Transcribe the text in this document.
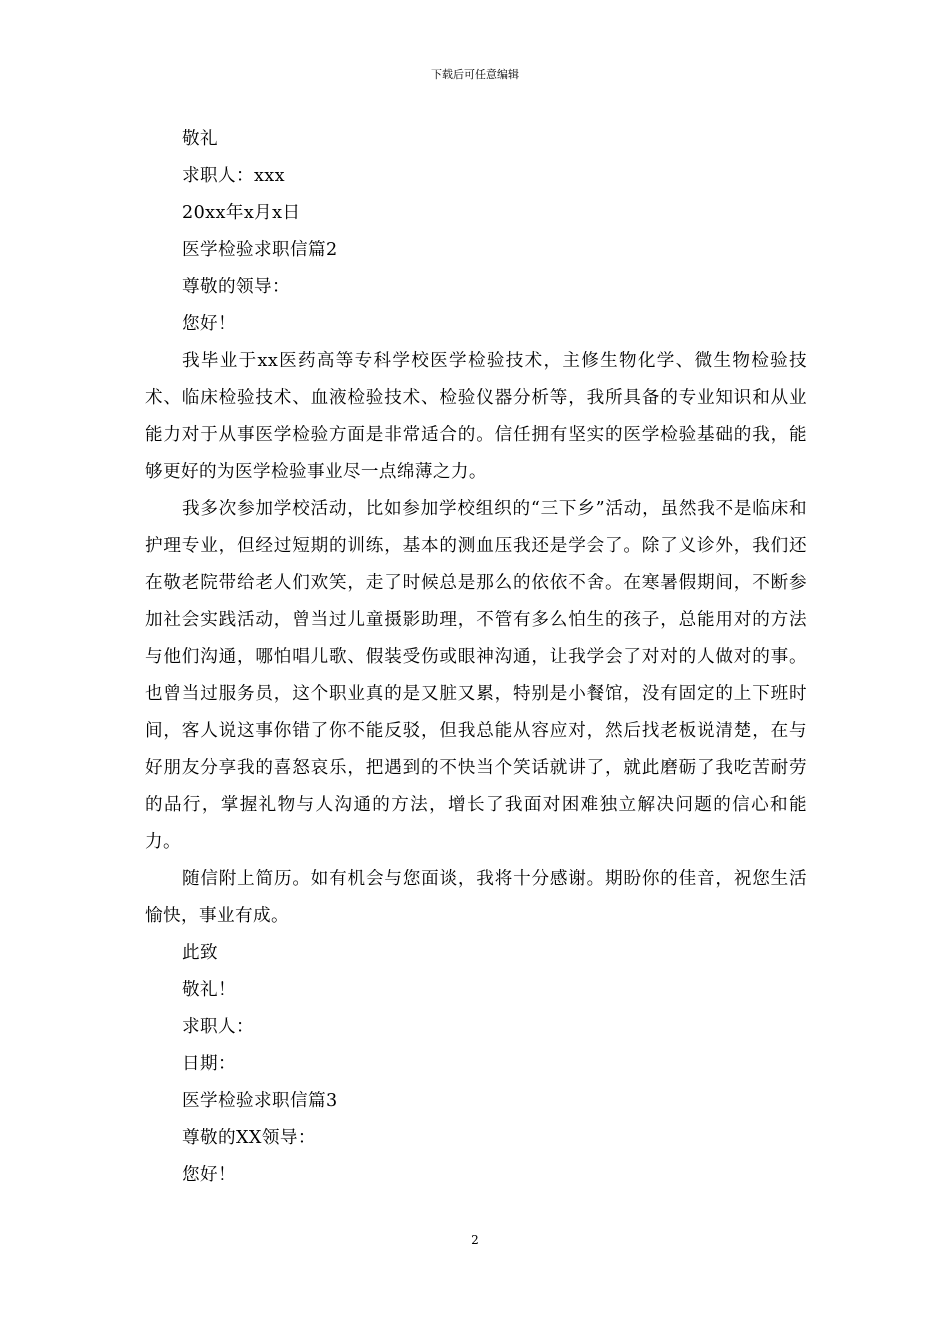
下载后可任意编辑

敬礼

求职人：xxx

20xx年x月x日

医学检验求职信篇2

尊敬的领导：

您好！

我毕业于xx医药高等专科学校医学检验技术，主修生物化学、微生物检验技术、临床检验技术、血液检验技术、检验仪器分析等，我所具备的专业知识和从业能力对于从事医学检验方面是非常适合的。信任拥有坚实的医学检验基础的我，能够更好的为医学检验事业尽一点绵薄之力。

我多次参加学校活动，比如参加学校组织的“三下乡”活动，虽然我不是临床和护理专业，但经过短期的训练，基本的测血压我还是学会了。除了义诊外，我们还在敬老院带给老人们欢笑，走了时候总是那么的依依不舍。在寒暑假期间，不断参加社会实践活动，曾当过儿童摄影助理，不管有多么怕生的孩子，总能用对的方法与他们沟通，哪怕唱儿歌、假装受伤或眼神沟通，让我学会了对对的人做对的事。也曾当过服务员，这个职业真的是又脏又累，特别是小餐馆，没有固定的上下班时间，客人说这事你错了你不能反驳，但我总能从容应对，然后找老板说清楚，在与好朋友分享我的喜怒哀乐，把遇到的不快当个笑话就讲了，就此磨砺了我吃苦耐劳的品行，掌握礼物与人沟通的方法，增长了我面对困难独立解决问题的信心和能力。

随信附上简历。如有机会与您面谈，我将十分感谢。期盼你的佳音，祝您生活愉快，事业有成。

此致

敬礼！

求职人：

日期：

医学检验求职信篇3

尊敬的XX领导：

您好！

2
